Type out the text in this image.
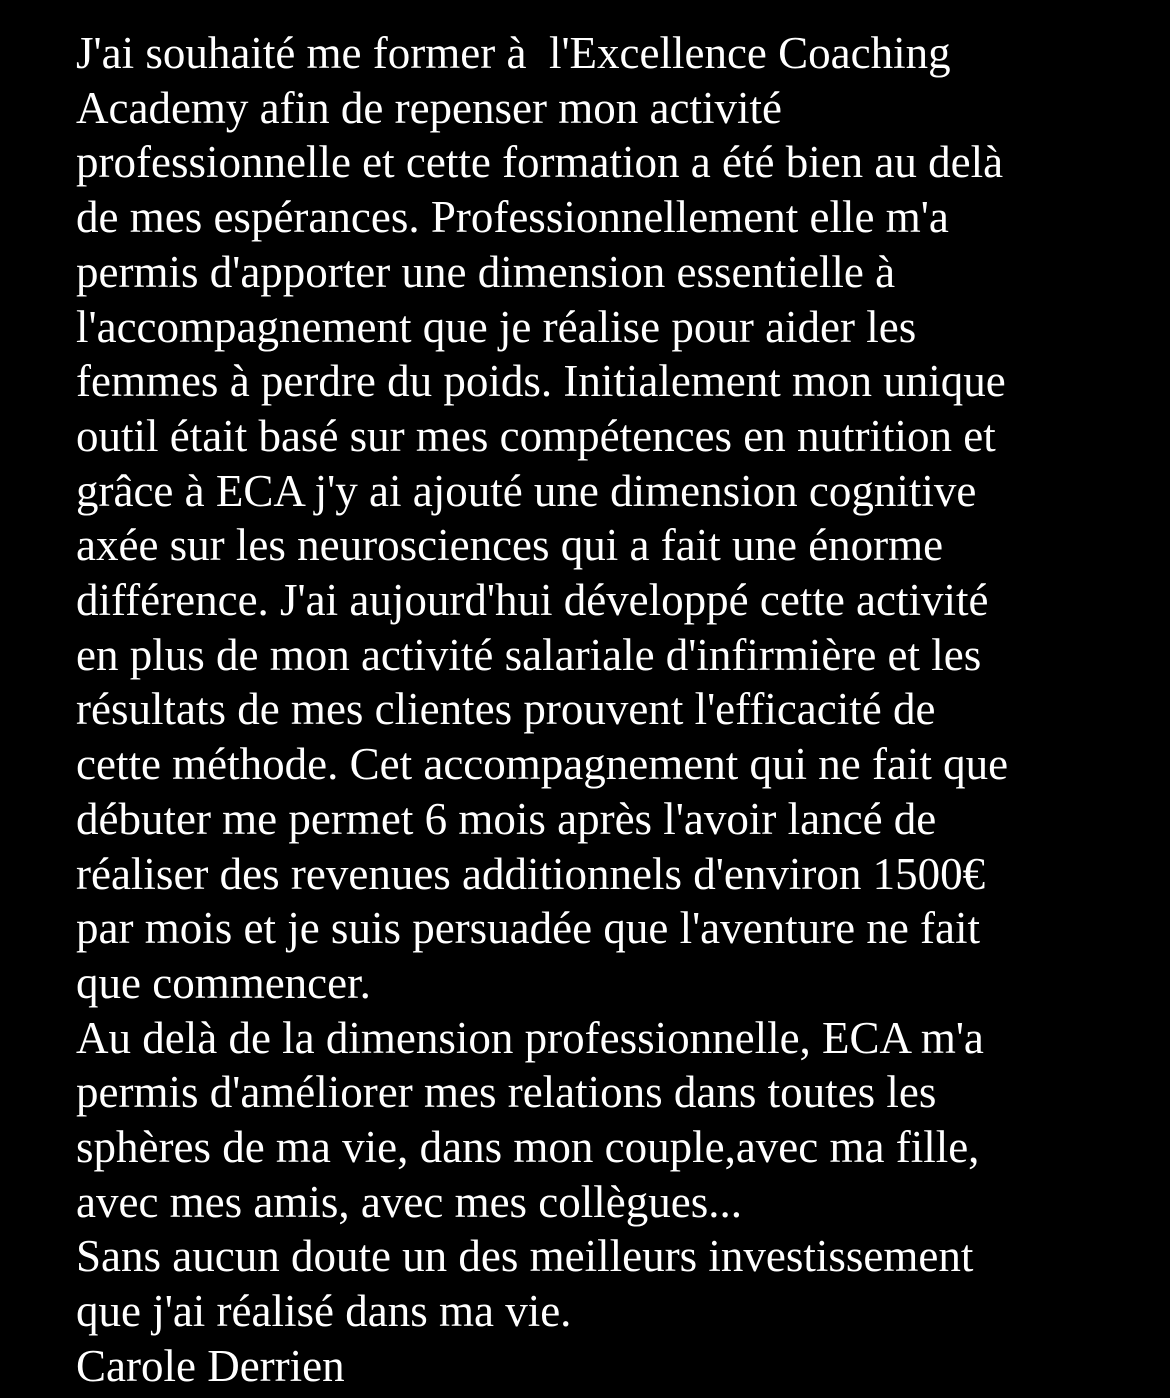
J'ai souhaité me former à  l'Excellence Coaching
Academy afin de repenser mon activité
professionnelle et cette formation a été bien au delà
de mes espérances. Professionnellement elle m'a
permis d'apporter une dimension essentielle à
l'accompagnement que je réalise pour aider les
femmes à perdre du poids. Initialement mon unique
outil était basé sur mes compétences en nutrition et
grâce à ECA j'y ai ajouté une dimension cognitive
axée sur les neurosciences qui a fait une énorme
différence. J'ai aujourd'hui développé cette activité
en plus de mon activité salariale d'infirmière et les
résultats de mes clientes prouvent l'efficacité de
cette méthode. Cet accompagnement qui ne fait que
débuter me permet 6 mois après l'avoir lancé de
réaliser des revenues additionnels d'environ 1500€
par mois et je suis persuadée que l'aventure ne fait
que commencer.
Au delà de la dimension professionnelle, ECA m'a
permis d'améliorer mes relations dans toutes les
sphères de ma vie, dans mon couple,avec ma fille,
avec mes amis, avec mes collègues...
Sans aucun doute un des meilleurs investissement
que j'ai réalisé dans ma vie.
Carole Derrien
